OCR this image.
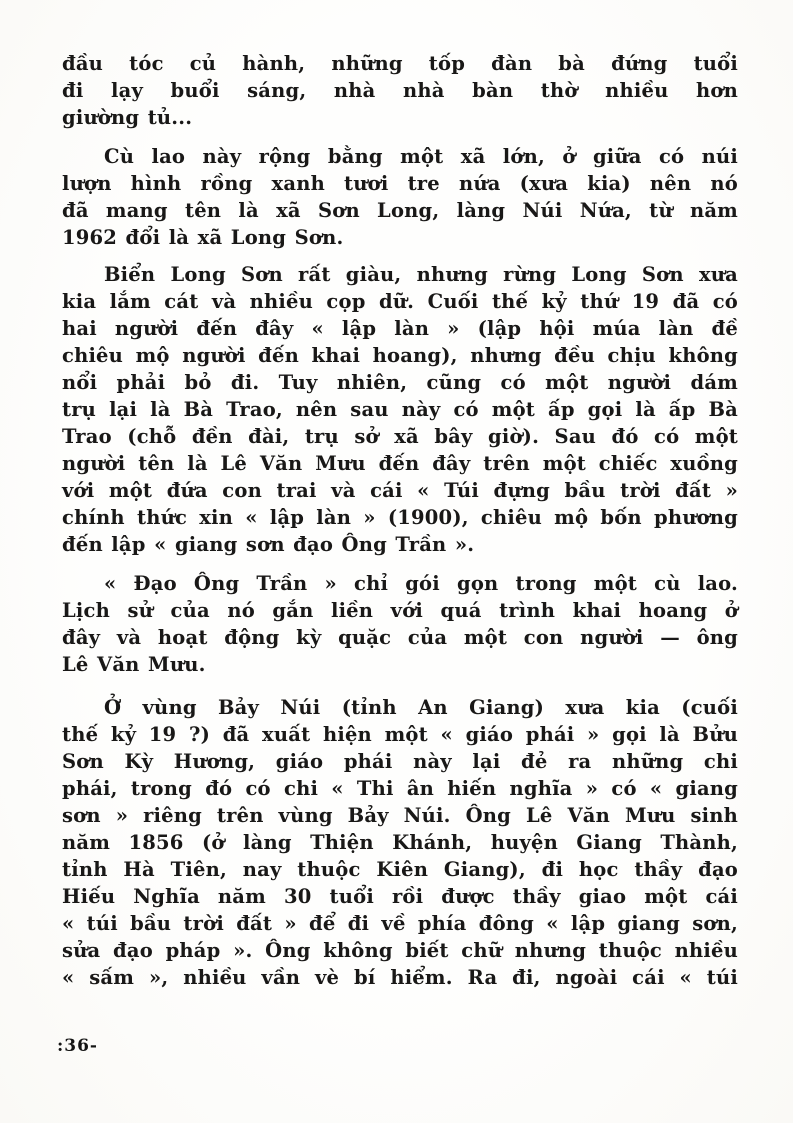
đầu tóc củ hành, những tốp đàn bà đứng tuổi
đi lạy buổi sáng, nhà nhà bàn thờ nhiều hơn
giường tủ...
Cù lao này rộng bằng một xã lớn, ở giữa có núi
lượn hình rồng xanh tươi tre nứa (xưa kia) nên nó
đã mang tên là xã Sơn Long, làng Núi Nứa, từ năm
1962 đổi là xã Long Sơn.
Biển Long Sơn rất giàu, nhưng rừng Long Sơn xưa
kia lắm cát và nhiều cọp dữ. Cuối thế kỷ thứ 19 đã có
hai người đến đây « lập làn » (lập hội múa làn đề
chiêu mộ người đến khai hoang), nhưng đều chịu không
nổi phải bỏ đi. Tuy nhiên, cũng có một người dám
trụ lại là Bà Trao, nên sau này có một ấp gọi là ấp Bà
Trao (chỗ đền đài, trụ sở xã bây giờ). Sau đó có một
người tên là Lê Văn Mưu đến đây trên một chiếc xuồng
với một đứa con trai và cái « Túi đựng bầu trời đất »
chính thức xin « lập làn » (1900), chiêu mộ bốn phương
đến lập « giang sơn đạo Ông Trần ».
« Đạo Ông Trần » chỉ gói gọn trong một cù lao.
Lịch sử của nó gắn liền với quá trình khai hoang ở
đây và hoạt động kỳ quặc của một con người — ông
Lê Văn Mưu.
Ở vùng Bảy Núi (tỉnh An Giang) xưa kia (cuối
thế kỷ 19 ?) đã xuất hiện một « giáo phái » gọi là Bửu
Sơn Kỳ Hương, giáo phái này lại đẻ ra những chi
phái, trong đó có chi « Thi ân hiến nghĩa » có « giang
sơn » riêng trên vùng Bảy Núi. Ông Lê Văn Mưu sinh
năm 1856 (ở làng Thiện Khánh, huyện Giang Thành,
tỉnh Hà Tiên, nay thuộc Kiên Giang), đi học thầy đạo
Hiếu Nghĩa năm 30 tuổi rồi được thầy giao một cái
« túi bầu trời đất » để đi về phía đông « lập giang sơn,
sửa đạo pháp ». Ông không biết chữ nhưng thuộc nhiều
« sấm », nhiều vần vè bí hiểm. Ra đi, ngoài cái « túi
:36-
